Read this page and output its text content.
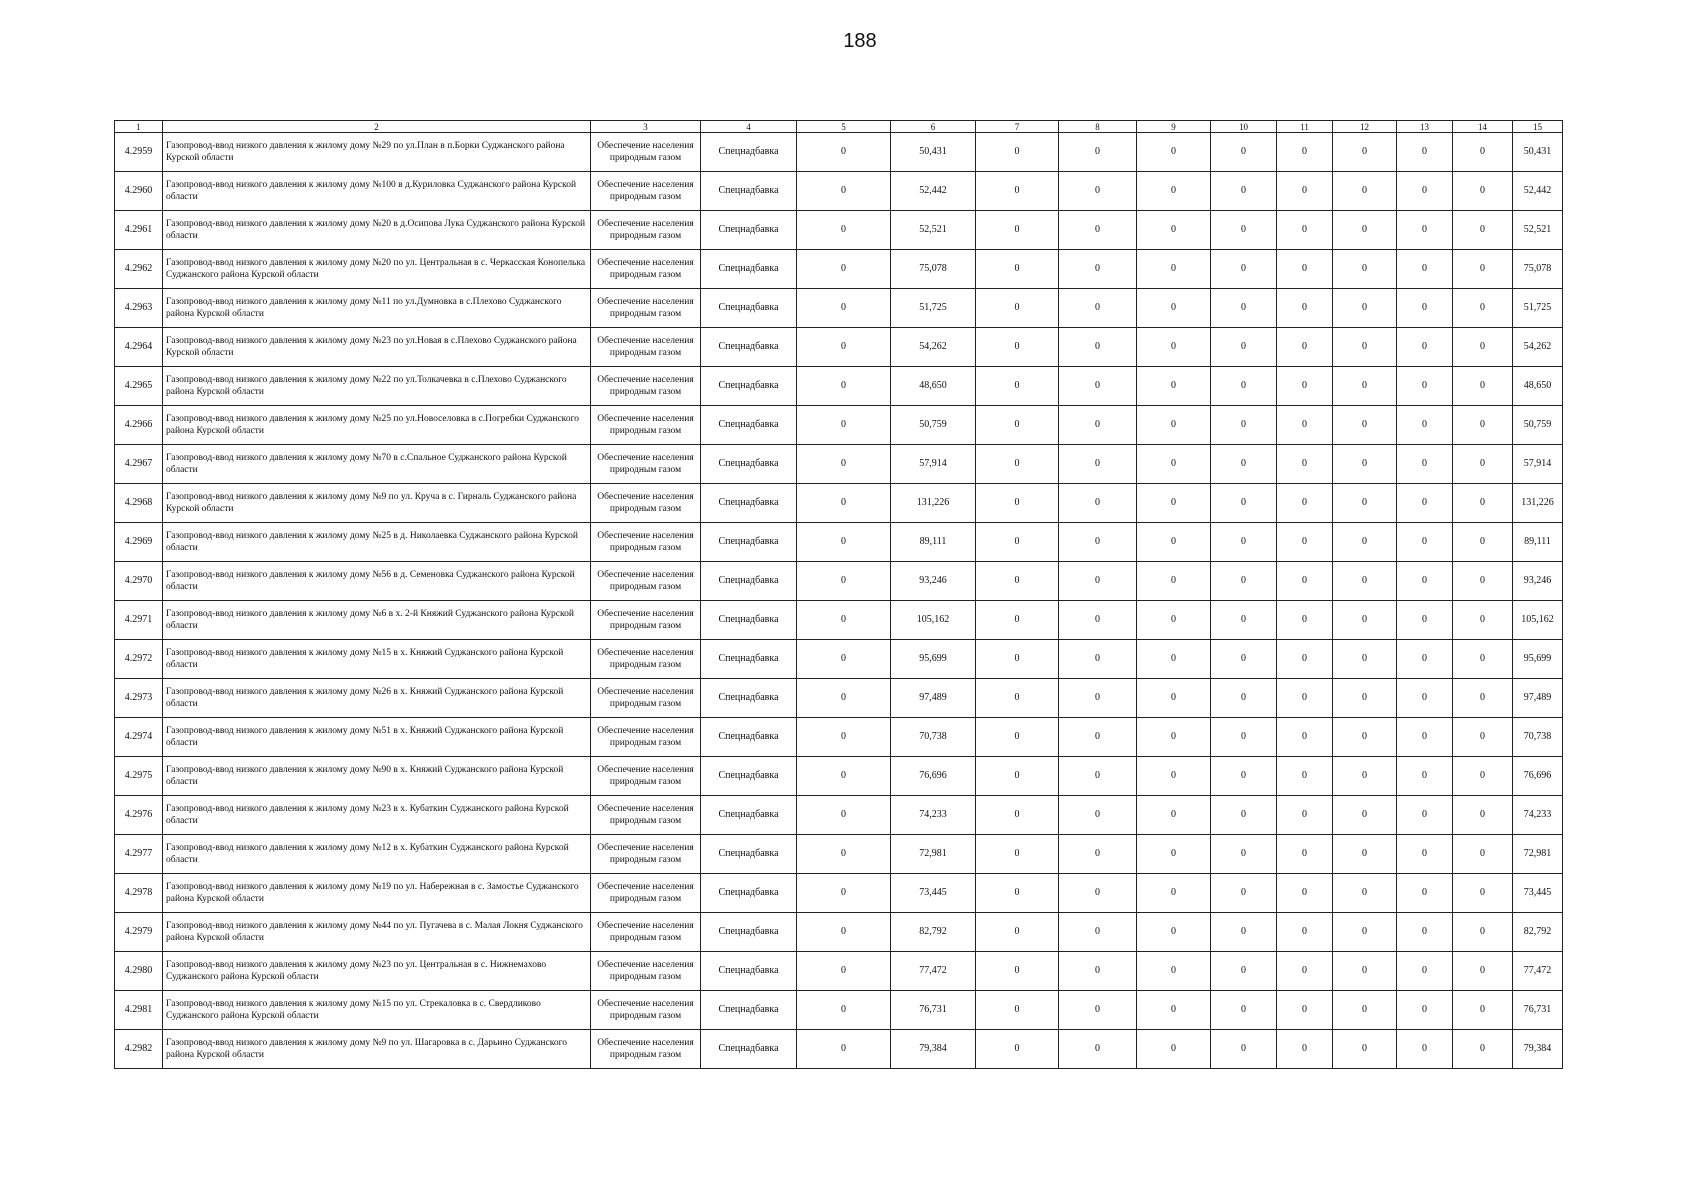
188
1	2	3	4	5	6	7	8	9	10	11	12	13	14	15
4.2959	Газопровод-ввод низкого давления к жилому дому №29 по ул.План в п.Борки Суджанского района Курской области	Обеспечение населения природным газом	Спецнадбавка	0	50,431	0	0	0	0	0	0	0	0	50,431
4.2960	Газопровод-ввод низкого давления к жилому дому №100 в д.Куриловка Суджанского района Курской области	Обеспечение населения природным газом	Спецнадбавка	0	52,442	0	0	0	0	0	0	0	0	52,442
4.2961	Газопровод-ввод низкого давления к жилому дому №20 в д.Осипова Лука Суджанского района Курской области	Обеспечение населения природным газом	Спецнадбавка	0	52,521	0	0	0	0	0	0	0	0	52,521
4.2962	Газопровод-ввод низкого давления к жилому дому №20 по ул. Центральная в с. Черкасская Конопелька Суджанского района Курской области	Обеспечение населения природным газом	Спецнадбавка	0	75,078	0	0	0	0	0	0	0	0	75,078
4.2963	Газопровод-ввод низкого давления к жилому дому №11 по ул.Думновка в с.Плехово Суджанского района Курской области	Обеспечение населения природным газом	Спецнадбавка	0	51,725	0	0	0	0	0	0	0	0	51,725
4.2964	Газопровод-ввод низкого давления к жилому дому №23 по ул.Новая в с.Плехово Суджанского района Курской области	Обеспечение населения природным газом	Спецнадбавка	0	54,262	0	0	0	0	0	0	0	0	54,262
4.2965	Газопровод-ввод низкого давления к жилому дому №22 по ул.Толкачевка в с.Плехово Суджанского района Курской области	Обеспечение населения природным газом	Спецнадбавка	0	48,650	0	0	0	0	0	0	0	0	48,650
4.2966	Газопровод-ввод низкого давления к жилому дому №25 по ул.Новоселовка в с.Погребки Суджанского района Курской области	Обеспечение населения природным газом	Спецнадбавка	0	50,759	0	0	0	0	0	0	0	0	50,759
4.2967	Газопровод-ввод низкого давления к жилому дому №70 в с.Спальное Суджанского района Курской области	Обеспечение населения природным газом	Спецнадбавка	0	57,914	0	0	0	0	0	0	0	0	57,914
4.2968	Газопровод-ввод низкого давления к жилому дому №9 по ул. Круча в с. Гирналь Суджанского района Курской области	Обеспечение населения природным газом	Спецнадбавка	0	131,226	0	0	0	0	0	0	0	0	131,226
4.2969	Газопровод-ввод низкого давления к жилому дому №25 в д. Николаевка Суджанского района Курской области	Обеспечение населения природным газом	Спецнадбавка	0	89,111	0	0	0	0	0	0	0	0	89,111
4.2970	Газопровод-ввод низкого давления к жилому дому №56 в д. Семеновка Суджанского района Курской области	Обеспечение населения природным газом	Спецнадбавка	0	93,246	0	0	0	0	0	0	0	0	93,246
4.2971	Газопровод-ввод низкого давления к жилому дому №6 в х. 2-й Княжий Суджанского района Курской области	Обеспечение населения природным газом	Спецнадбавка	0	105,162	0	0	0	0	0	0	0	0	105,162
4.2972	Газопровод-ввод низкого давления к жилому дому №15 в х. Княжий Суджанского района Курской области	Обеспечение населения природным газом	Спецнадбавка	0	95,699	0	0	0	0	0	0	0	0	95,699
4.2973	Газопровод-ввод низкого давления к жилому дому №26 в х. Княжий Суджанского района Курской области	Обеспечение населения природным газом	Спецнадбавка	0	97,489	0	0	0	0	0	0	0	0	97,489
4.2974	Газопровод-ввод низкого давления к жилому дому №51 в х. Княжий Суджанского района Курской области	Обеспечение населения природным газом	Спецнадбавка	0	70,738	0	0	0	0	0	0	0	0	70,738
4.2975	Газопровод-ввод низкого давления к жилому дому №90 в х. Княжий Суджанского района Курской области	Обеспечение населения природным газом	Спецнадбавка	0	76,696	0	0	0	0	0	0	0	0	76,696
4.2976	Газопровод-ввод низкого давления к жилому дому №23 в х. Кубаткин Суджанского района Курской области	Обеспечение населения природным газом	Спецнадбавка	0	74,233	0	0	0	0	0	0	0	0	74,233
4.2977	Газопровод-ввод низкого давления к жилому дому №12 в х. Кубаткин Суджанского района Курской области	Обеспечение населения природным газом	Спецнадбавка	0	72,981	0	0	0	0	0	0	0	0	72,981
4.2978	Газопровод-ввод низкого давления к жилому дому №19 по ул. Набережная в с. Замостье Суджанского района Курской области	Обеспечение населения природным газом	Спецнадбавка	0	73,445	0	0	0	0	0	0	0	0	73,445
4.2979	Газопровод-ввод низкого давления к жилому дому №44 по ул. Пугачева в с. Малая Локня Суджанского района Курской области	Обеспечение населения природным газом	Спецнадбавка	0	82,792	0	0	0	0	0	0	0	0	82,792
4.2980	Газопровод-ввод низкого давления к жилому дому №23 по ул. Центральная в с. Нижнемахово Суджанского района Курской области	Обеспечение населения природным газом	Спецнадбавка	0	77,472	0	0	0	0	0	0	0	0	77,472
4.2981	Газопровод-ввод низкого давления к жилому дому №15 по ул. Стрекаловка в с. Свердликово Суджанского района Курской области	Обеспечение населения природным газом	Спецнадбавка	0	76,731	0	0	0	0	0	0	0	0	76,731
4.2982	Газопровод-ввод низкого давления к жилому дому №9 по ул. Шагаровка в с. Дарьино Суджанского района Курской области	Обеспечение населения природным газом	Спецнадбавка	0	79,384	0	0	0	0	0	0	0	0	79,384
